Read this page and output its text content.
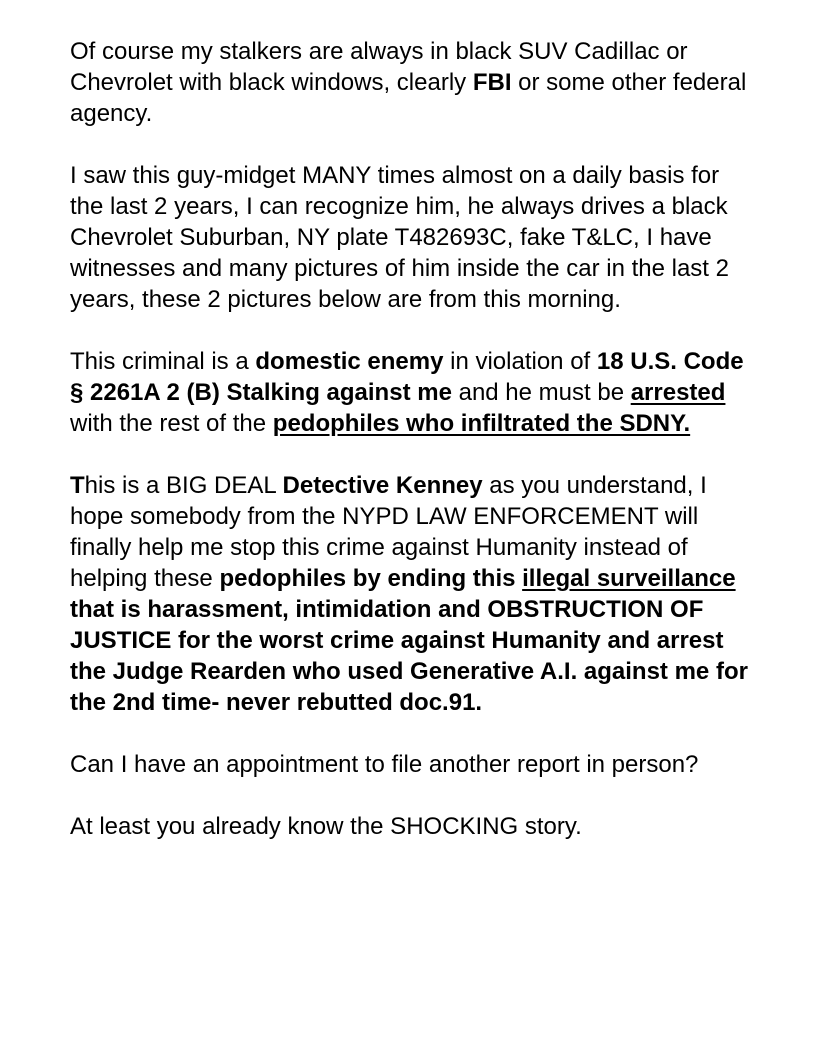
Of course my stalkers are always in black SUV Cadillac or Chevrolet with black windows, clearly FBI or some other federal agency.

I saw this guy-midget MANY times almost on a daily basis for the last 2 years, I can recognize him, he always drives a black Chevrolet Suburban, NY plate T482693C, fake T&LC, I have witnesses and many pictures of him inside the car in the last 2 years, these 2 pictures below are from this morning.

This criminal is a domestic enemy in violation of 18 U.S. Code § 2261A 2 (B) Stalking against me and he must be arrested with the rest of the pedophiles who infiltrated the SDNY.

This is a BIG DEAL Detective Kenney as you understand, I hope somebody from the NYPD LAW ENFORCEMENT will finally help me stop this crime against Humanity instead of helping these pedophiles by ending this illegal surveillance that is harassment, intimidation and OBSTRUCTION OF JUSTICE for the worst crime against Humanity and arrest the Judge Rearden who used Generative A.I. against me for the 2nd time- never rebutted doc.91.

Can I have an appointment to file another report in person?

At least you already know the SHOCKING story.
